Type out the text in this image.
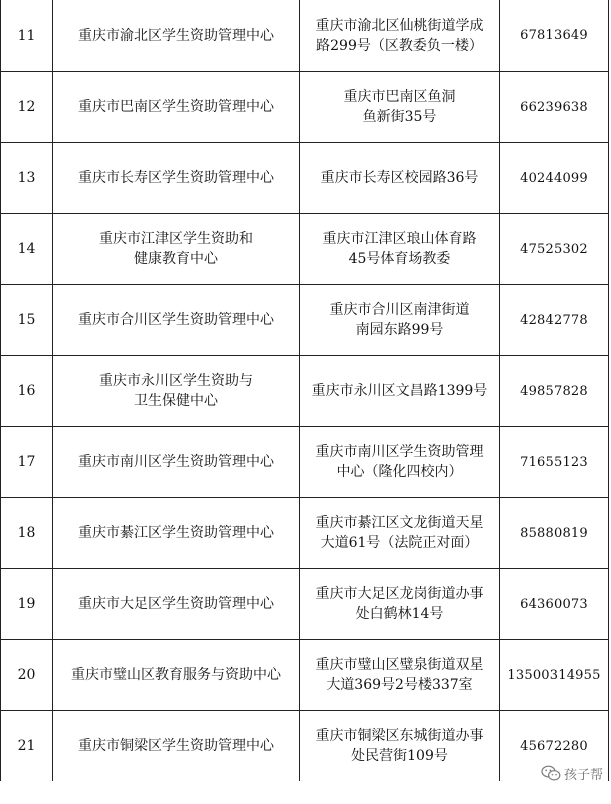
11	重庆市渝北区学生资助管理中心	重庆市渝北区仙桃街道学成
路299号（区教委负一楼）	67813649
12	重庆市巴南区学生资助管理中心	重庆市巴南区鱼洞
鱼新街35号	66239638
13	重庆市长寿区学生资助管理中心	重庆市长寿区校园路36号	40244099
14	重庆市江津区学生资助和
健康教育中心	重庆市江津区琅山体育路
45号体育场教委	47525302
15	重庆市合川区学生资助管理中心	重庆市合川区南津街道
南园东路99号	42842778
16	重庆市永川区学生资助与
卫生保健中心	重庆市永川区文昌路1399号	49857828
17	重庆市南川区学生资助管理中心	重庆市南川区学生资助管理
中心（隆化四校内）	71655123
18	重庆市綦江区学生资助管理中心	重庆市綦江区文龙街道天星
大道61号（法院正对面）	85880819
19	重庆市大足区学生资助管理中心	重庆市大足区龙岗街道办事
处白鹤林14号	64360073
20	重庆市璧山区教育服务与资助中心	重庆市璧山区璧泉街道双星
大道369号2号楼337室	13500314955
21	重庆市铜梁区学生资助管理中心	重庆市铜梁区东城街道办事
处民营街109号	45672280
孩子帮
